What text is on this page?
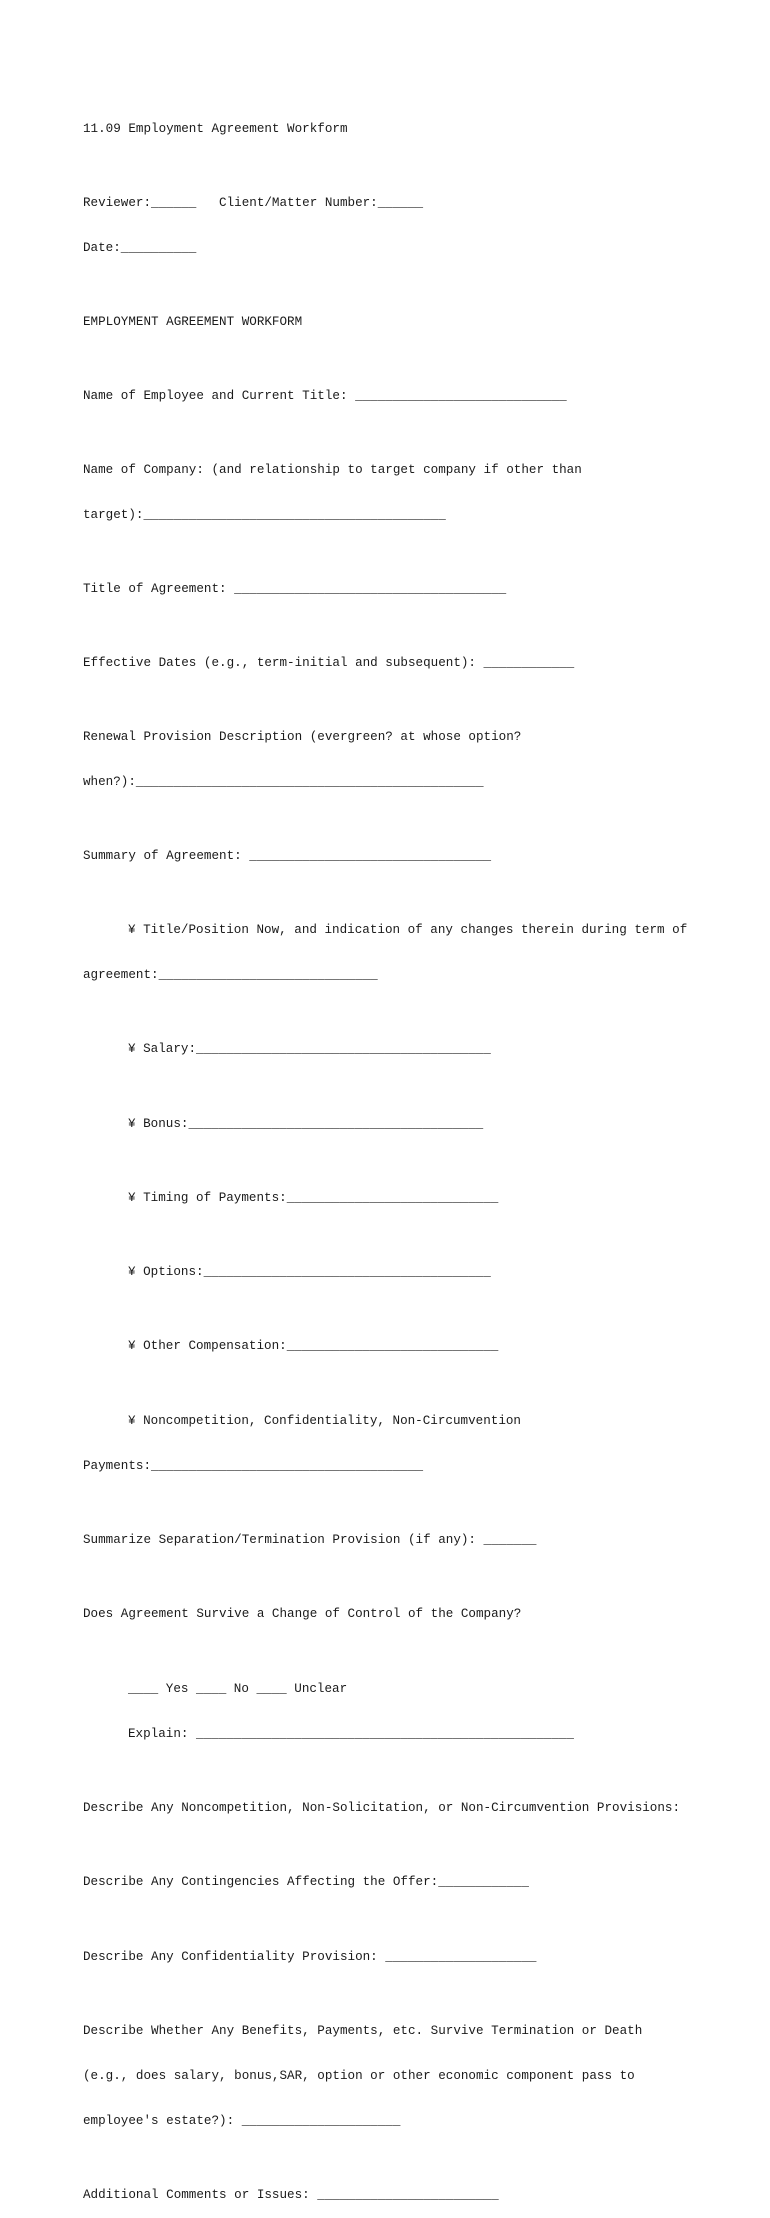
11.09 Employment Agreement Workform

Reviewer:______   Client/Matter Number:______

Date:__________

EMPLOYMENT AGREEMENT WORKFORM

Name of Employee and Current Title: ____________________________

Name of Company: (and relationship to target company if other than

target):________________________________________

Title of Agreement: ____________________________________

Effective Dates (e.g., term-initial and subsequent): ____________

Renewal Provision Description (evergreen? at whose option?

when?):______________________________________________

Summary of Agreement: ________________________________

¥ Title/Position Now, and indication of any changes therein during term of

agreement:_____________________________

¥ Salary:_______________________________________

¥ Bonus:_______________________________________

¥ Timing of Payments:____________________________

¥ Options:______________________________________

¥ Other Compensation:____________________________

¥ Noncompetition, Confidentiality, Non-Circumvention

Payments:____________________________________

Summarize Separation/Termination Provision (if any): _______

Does Agreement Survive a Change of Control of the Company?

____ Yes ____ No ____ Unclear

Explain: __________________________________________________

Describe Any Noncompetition, Non-Solicitation, or Non-Circumvention Provisions:

Describe Any Contingencies Affecting the Offer:____________

Describe Any Confidentiality Provision: ____________________

Describe Whether Any Benefits, Payments, etc. Survive Termination or Death

(e.g., does salary, bonus,SAR, option or other economic component pass to

employee's estate?): _____________________

Additional Comments or Issues: ________________________
